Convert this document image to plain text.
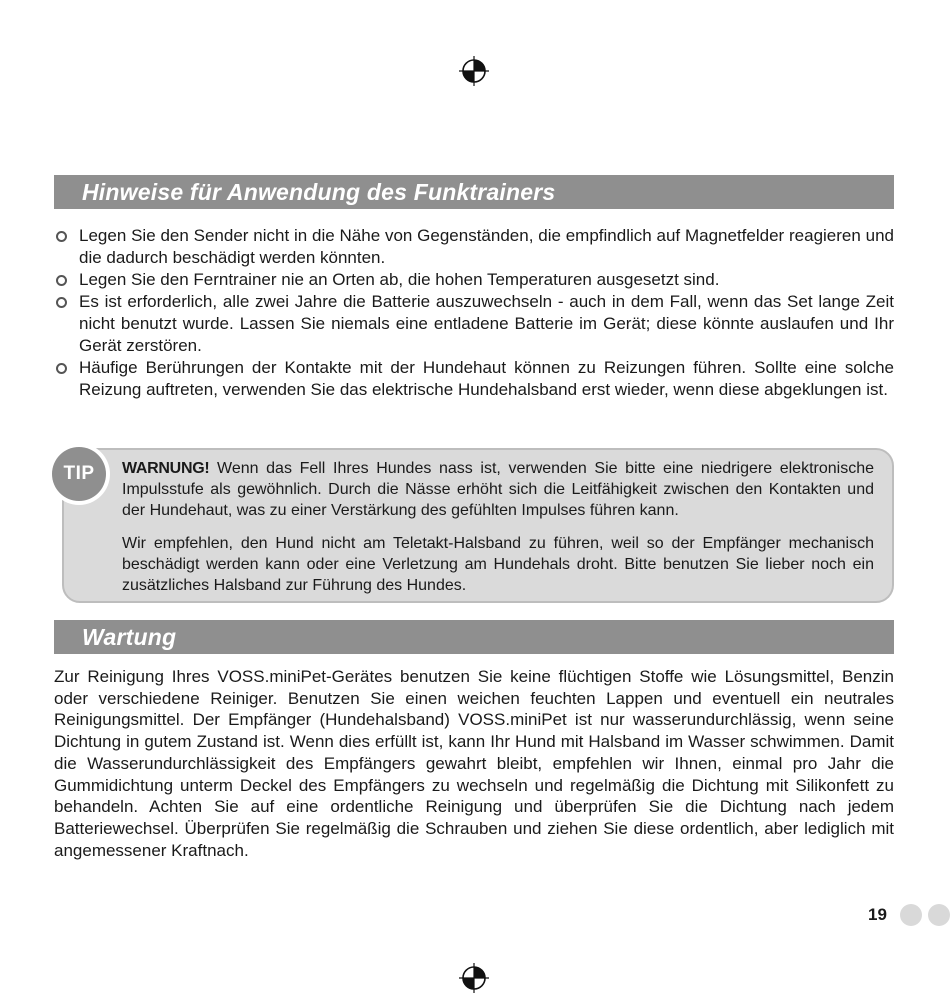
Hinweise für Anwendung des Funktrainers
Legen Sie den Sender nicht in die Nähe von Gegenständen, die empfindlich auf Magnetfelder reagieren und die dadurch beschädigt werden könnten.
Legen Sie den Ferntrainer nie an Orten ab, die hohen Temperaturen ausgesetzt sind.
Es ist erforderlich, alle zwei Jahre die Batterie auszuwechseln - auch in dem Fall, wenn das Set lange Zeit nicht benutzt wurde. Lassen Sie niemals eine entladene Batterie im Gerät; diese könnte auslaufen und Ihr Gerät zerstören.
Häufige Berührungen der Kontakte mit der Hundehaut können zu Reizungen führen. Sollte eine solche Reizung auftreten, verwenden Sie das elektrische Hundehalsband erst wieder, wenn diese abgeklungen ist.
TIP	WARNUNG! Wenn das Fell Ihres Hundes nass ist, verwenden Sie bitte eine niedrigere elektronische Impulsstufe als gewöhnlich. Durch die Nässe erhöht sich die Leitfähigkeit zwischen den Kontakten und der Hundehaut, was zu einer Verstärkung des gefühlten Impulses führen kann.

Wir empfehlen, den Hund nicht am Teletakt-Halsband zu führen, weil so der Empfänger mechanisch beschädigt werden kann oder eine Verletzung am Hundehals droht. Bitte benutzen Sie lieber noch ein zusätzliches Halsband zur Führung des Hundes.

Wartung

Zur Reinigung Ihres VOSS.miniPet-Gerätes benutzen Sie keine flüchtigen Stoffe wie Lösungsmittel, Benzin oder verschiedene Reiniger. Benutzen Sie einen weichen feuchten Lappen und eventuell ein neutrales Reinigungsmittel. Der Empfänger (Hundehalsband) VOSS.miniPet ist nur wasserundurchlässig, wenn seine Dichtung in gutem Zustand ist. Wenn dies erfüllt ist, kann Ihr Hund mit Halsband im Wasser schwimmen. Damit die Wasserundurchlässigkeit des Empfängers gewahrt bleibt, empfehlen wir Ihnen, einmal pro Jahr die Gummidichtung unterm Deckel des Empfängers zu wechseln und regelmäßig die Dichtung mit Silikonfett zu behandeln. Achten Sie auf eine ordentliche Reinigung und überprüfen Sie die Dichtung nach jedem Batteriewechsel. Überprüfen Sie regelmäßig die Schrauben und ziehen Sie diese ordentlich, aber lediglich mit angemessener Kraftnach.

19
